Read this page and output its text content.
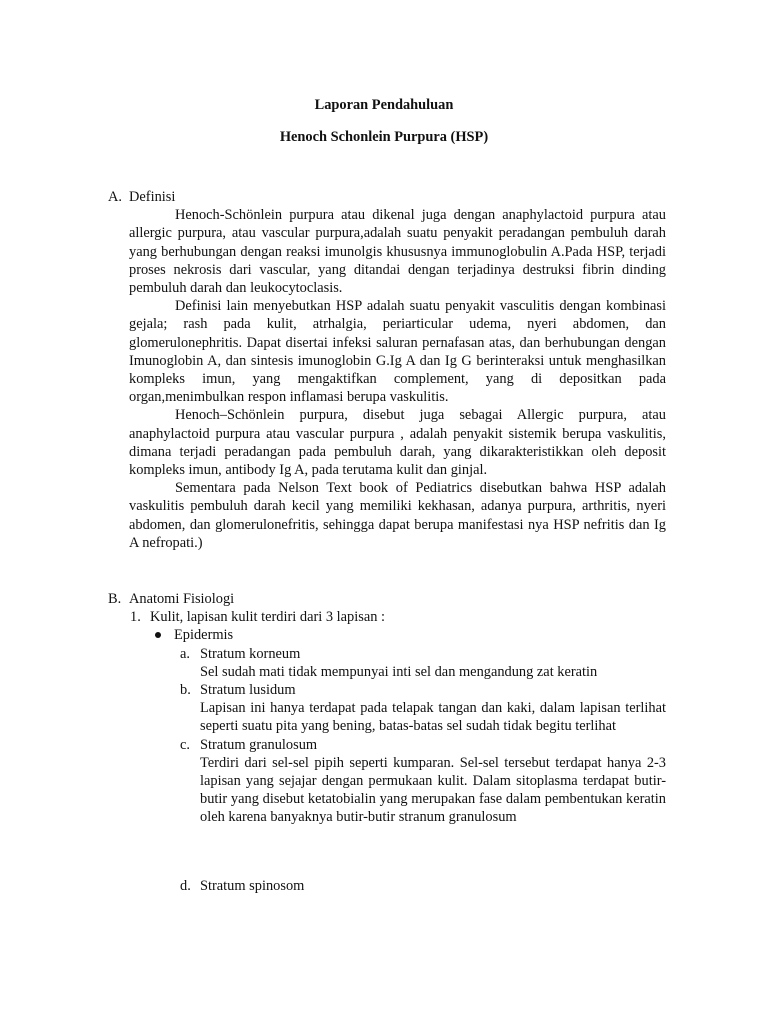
Laporan Pendahuluan
Henoch Schonlein Purpura (HSP)
A. Definisi

Henoch-Schönlein purpura atau dikenal juga dengan anaphylactoid purpura atau allergic purpura, atau vascular purpura,adalah suatu penyakit peradangan pembuluh darah yang berhubungan dengan reaksi imunolgis khususnya immunoglobulin A.Pada HSP, terjadi proses nekrosis dari vascular, yang ditandai dengan terjadinya destruksi fibrin dinding pembuluh darah dan leukocytoclasis.

Definisi lain menyebutkan HSP adalah suatu penyakit vasculitis dengan kombinasi gejala; rash pada kulit, atrhalgia, periarticular udema, nyeri abdomen, dan glomerulonephritis. Dapat disertai infeksi saluran pernafasan atas, dan berhubungan dengan Imunoglobin A, dan sintesis imunoglobin G.Ig A dan Ig G berinteraksi untuk menghasilkan kompleks imun, yang mengaktifkan complement, yang di depositkan pada organ,menimbulkan respon inflamasi berupa vaskulitis.

Henoch–Schönlein purpura, disebut juga sebagai Allergic purpura, atau anaphylactoid purpura atau vascular purpura , adalah penyakit sistemik berupa vaskulitis, dimana terjadi peradangan pada pembuluh darah, yang dikarakteristikkan oleh deposit kompleks imun, antibody Ig A, pada terutama kulit dan ginjal.

Sementara pada Nelson Text book of Pediatrics disebutkan bahwa HSP adalah vaskulitis pembuluh darah kecil yang memiliki kekhasan, adanya purpura, arthritis, nyeri abdomen, dan glomerulonefritis, sehingga dapat berupa manifestasi nya HSP nefritis dan Ig A nefropati.)

B. Anatomi Fisiologi
1. Kulit, lapisan kulit terdiri dari 3 lapisan :
Epidermis
a. Stratum korneum
Sel sudah mati tidak mempunyai inti sel dan mengandung zat keratin
b. Stratum lusidum
Lapisan ini hanya terdapat pada telapak tangan dan kaki, dalam lapisan terlihat seperti suatu pita yang bening, batas-batas sel sudah tidak begitu terlihat
c. Stratum granulosum
Terdiri dari sel-sel pipih seperti kumparan. Sel-sel tersebut terdapat hanya 2-3 lapisan yang sejajar dengan permukaan kulit. Dalam sitoplasma terdapat butir-butir yang disebut ketatobialin yang merupakan fase dalam pembentukan keratin oleh karena banyaknya butir-butir stranum granulosum
d. Stratum spinosom
